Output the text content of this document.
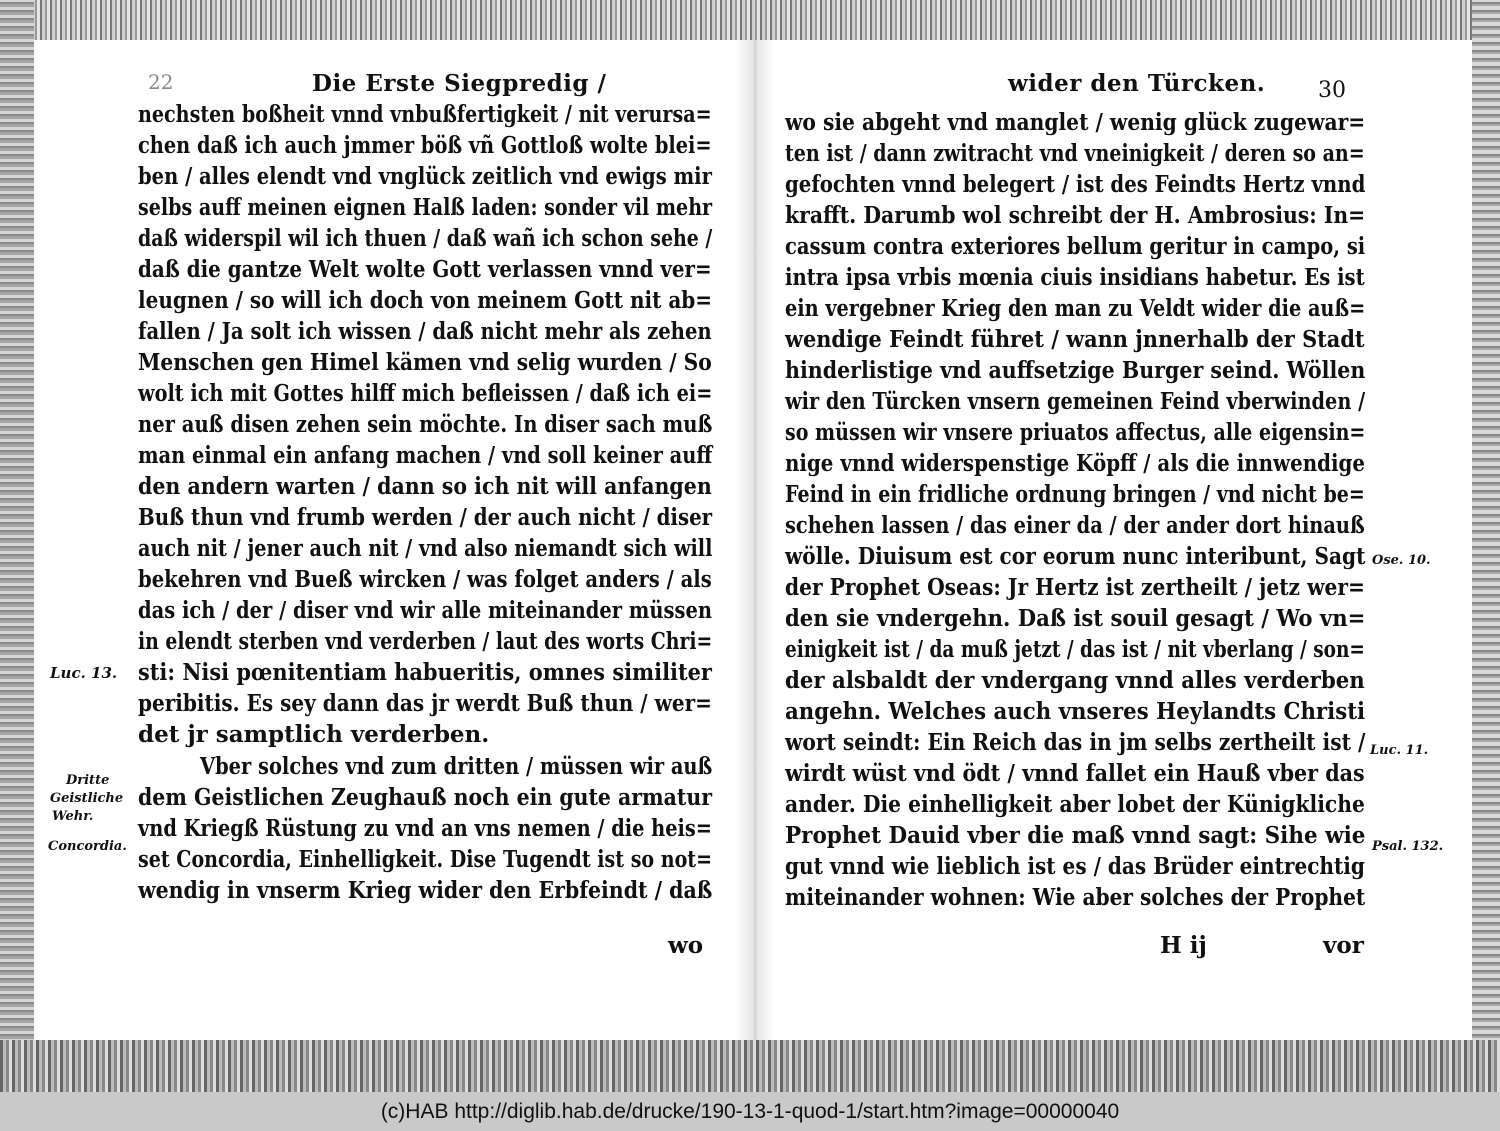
22	Die Erste Siegpredig /
nechsten boßheit vnnd vnbußfertigkeit / nit verursa=
chen daß ich auch jmmer böß vñ Gottloß wolte blei=
ben / alles elendt vnd vnglück zeitlich vnd ewigs mir
selbs auff meinen eignen Halß laden: sonder vil mehr
daß widerspil wil ich thuen / daß wañ ich schon sehe /
daß die gantze Welt wolte Gott verlassen vnnd ver=
leugnen / so will ich doch von meinem Gott nit ab=
fallen / Ja solt ich wissen / daß nicht mehr als zehen
Menschen gen Himel kämen vnd selig wurden / So
wolt ich mit Gottes hilff mich befleissen / daß ich ei=
ner auß disen zehen sein möchte. In diser sach muß
man einmal ein anfang machen / vnd soll keiner auff
den andern warten / dann so ich nit will anfangen
Buß thun vnd frumb werden / der auch nicht / diser
auch nit / jener auch nit / vnd also niemandt sich will
bekehren vnd Bueß wircken / was folget anders / als
das ich / der / diser vnd wir alle miteinander müssen
in elendt sterben vnd verderben / laut des worts Chri=
sti: Nisi pœnitentiam habueritis, omnes similiter
peribitis. Es sey dann das jr werdt Buß thun / wer=
det jr samptlich verderben.
Vber solches vnd zum dritten / müssen wir auß
dem Geistlichen Zeughauß noch ein gute armatur
vnd Kriegß Rüstung zu vnd an vns nemen / die heis=
set Concordia, Einhelligkeit. Dise Tugendt ist so not=
wendig in vnserm Krieg wider den Erbfeindt / daß
wo
Luc. 13.
Dritte
Geistliche
Wehr.
Concordia.
wider den Türcken. 30
wo sie abgeht vnd manglet / wenig glück zugewar=
ten ist / dann zwitracht vnd vneinigkeit / deren so an=
gefochten vnnd belegert / ist des Feindts Hertz vnnd
krafft. Darumb wol schreibt der H. Ambrosius: In=
cassum contra exteriores bellum geritur in campo, si
intra ipsa vrbis mœnia ciuis insidians habetur. Es ist
ein vergebner Krieg den man zu Veldt wider die auß=
wendige Feindt führet / wann jnnerhalb der Stadt
hinderlistige vnd auffsetzige Burger seind. Wöllen
wir den Türcken vnsern gemeinen Feind vberwinden /
so müssen wir vnsere priuatos affectus, alle eigensin=
nige vnnd widerspenstige Köpff / als die innwendige
Feind in ein fridliche ordnung bringen / vnd nicht be=
schehen lassen / das einer da / der ander dort hinauß
wölle. Diuisum est cor eorum nunc interibunt, Sagt
der Prophet Oseas: Jr Hertz ist zertheilt / jetz wer=
den sie vndergehn. Daß ist souil gesagt / Wo vn=
einigkeit ist / da muß jetzt / das ist / nit vberlang / son=
der alsbaldt der vndergang vnnd alles verderben
angehn. Welches auch vnseres Heylandts Christi
wort seindt: Ein Reich das in jm selbs zertheilt ist /
wirdt wüst vnd ödt / vnnd fallet ein Hauß vber das
ander. Die einhelligkeit aber lobet der Künigkliche
Prophet Dauid vber die maß vnnd sagt: Sihe wie
gut vnnd wie lieblich ist es / das Brüder eintrechtig
miteinander wohnen: Wie aber solches der Prophet
H ij	vor
Ose. 10.
Luc. 11.
Psal. 132.
(c)HAB http://diglib.hab.de/drucke/190-13-1-quod-1/start.htm?image=00000040
